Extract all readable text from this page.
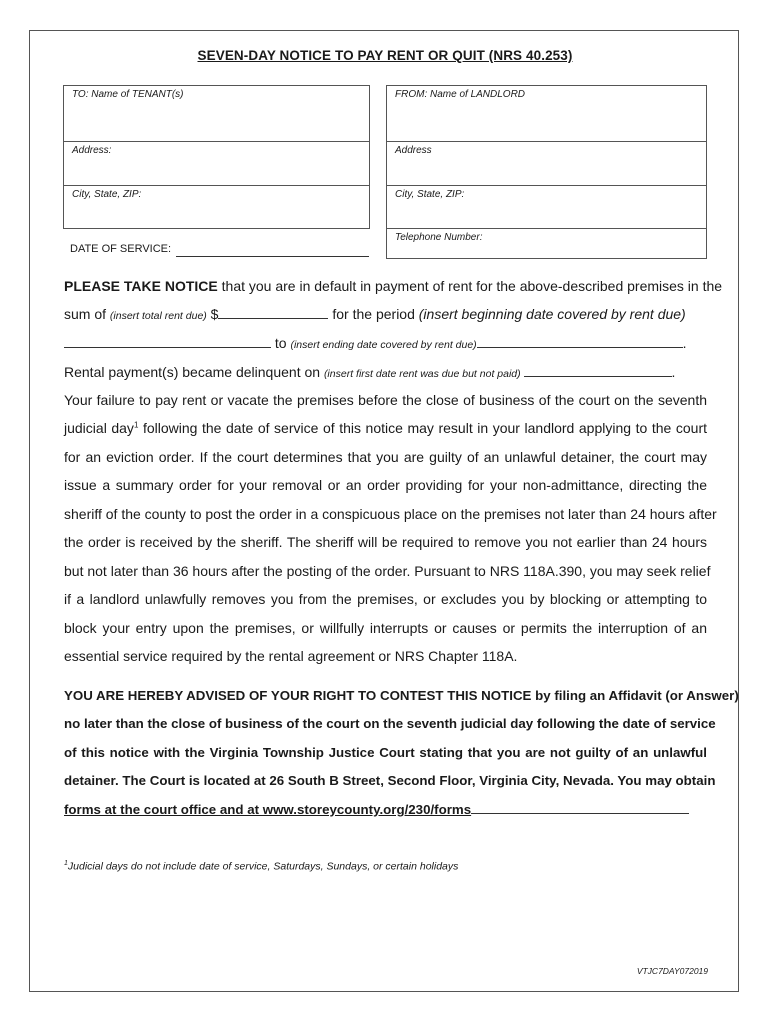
SEVEN-DAY NOTICE TO PAY RENT OR QUIT (NRS 40.253)
TO: Name of TENANT(s)
Address:
City, State, ZIP:
FROM: Name of LANDLORD
Address
City, State, ZIP:
Telephone Number:
DATE OF SERVICE:
PLEASE TAKE NOTICE that you are in default in payment of rent for the above-described premises in the
sum of (insert total rent due) $	for the period (insert beginning date covered by rent due)
to (insert ending date covered by rent due)	.
Rental payment(s) became delinquent on (insert first date rent was due but not paid)	.
Your failure to pay rent or vacate the premises before the close of business of the court on the seventh
judicial day$^1$ following the date of service of this notice may result in your landlord applying to the court
for an eviction order. If the court determines that you are guilty of an unlawful detainer, the court may
issue a summary order for your removal or an order providing for your non-admittance, directing the
sheriff of the county to post the order in a conspicuous place on the premises not later than 24 hours after
the order is received by the sheriff. The sheriff will be required to remove you not earlier than 24 hours
but not later than 36 hours after the posting of the order. Pursuant to NRS 118A.390, you may seek relief
if a landlord unlawfully removes you from the premises, or excludes you by blocking or attempting to
block your entry upon the premises, or willfully interrupts or causes or permits the interruption of an
essential service required by the rental agreement or NRS Chapter 118A.
YOU ARE HEREBY ADVISED OF YOUR RIGHT TO CONTEST THIS NOTICE by filing an Affidavit (or Answer)
no later than the close of business of the court on the seventh judicial day following the date of service
of this notice with the Virginia Township Justice Court stating that you are not guilty of an unlawful
detainer. The Court is located at 26 South B Street, Second Floor, Virginia City, Nevada. You may obtain
forms at the court office and at www.storeycounty.org/230/forms
$^1$Judicial days do not include date of service, Saturdays, Sundays, or certain holidays
VTJC7DAY072019
